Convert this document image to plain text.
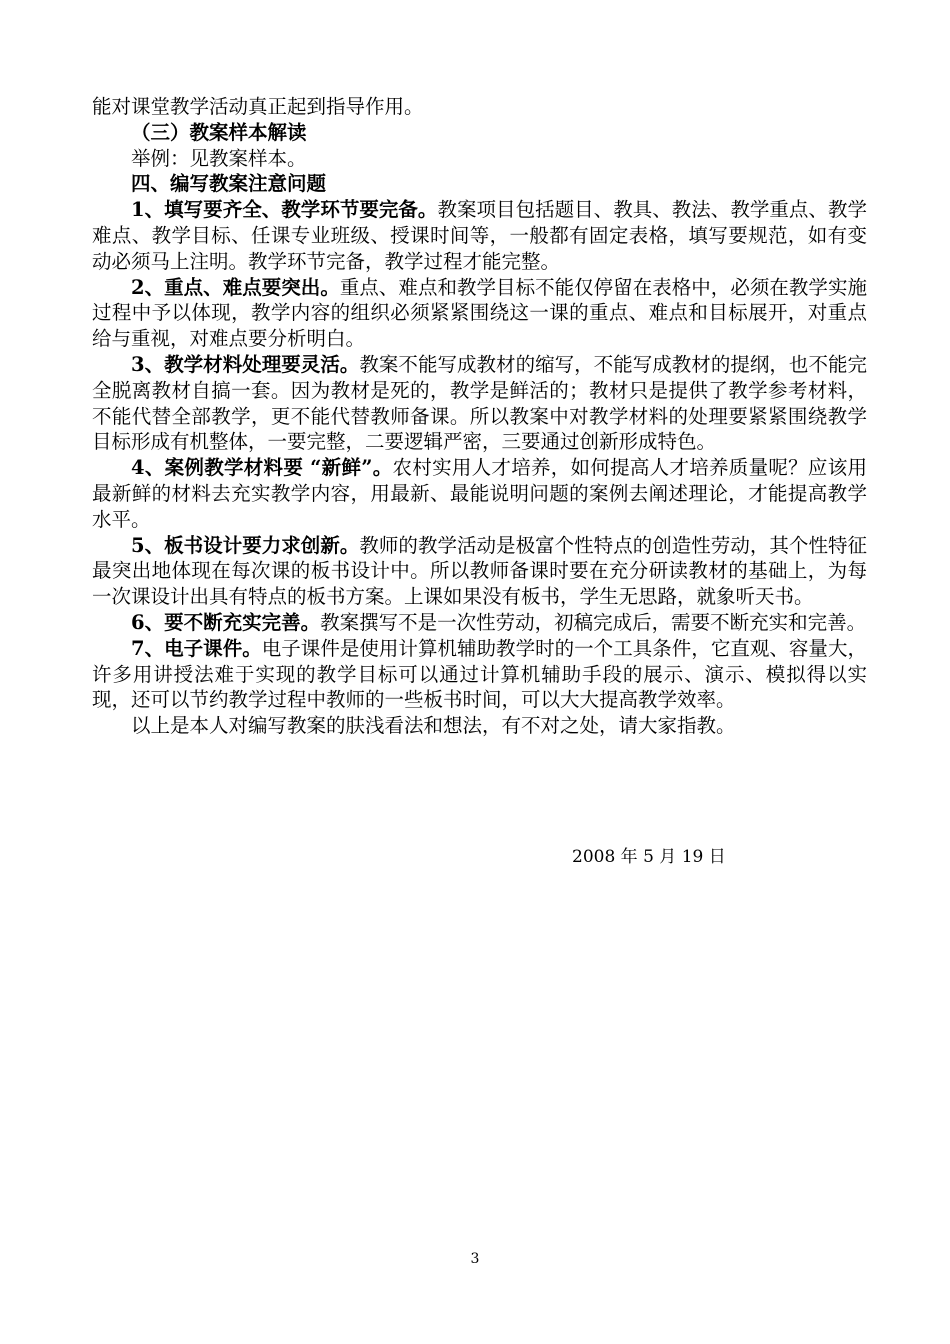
能对课堂教学活动真正起到指导作用。

（三）教案样本解读

举例：见教案样本。

四、编写教案注意问题

1、填写要齐全、教学环节要完备。教案项目包括题目、教具、教法、教学重点、教学难点、教学目标、任课专业班级、授课时间等，一般都有固定表格，填写要规范，如有变动必须马上注明。教学环节完备，教学过程才能完整。

2、重点、难点要突出。重点、难点和教学目标不能仅停留在表格中，必须在教学实施过程中予以体现，教学内容的组织必须紧紧围绕这一课的重点、难点和目标展开，对重点给与重视，对难点要分析明白。

3、教学材料处理要灵活。教案不能写成教材的缩写，不能写成教材的提纲，也不能完全脱离教材自搞一套。因为教材是死的，教学是鲜活的；教材只是提供了教学参考材料，不能代替全部教学，更不能代替教师备课。所以教案中对教学材料的处理要紧紧围绕教学目标形成有机整体，一要完整，二要逻辑严密，三要通过创新形成特色。

4、案例教学材料要 “新鲜”。农村实用人才培养，如何提高人才培养质量呢？应该用最新鲜的材料去充实教学内容，用最新、最能说明问题的案例去阐述理论，才能提高教学水平。

5、板书设计要力求创新。教师的教学活动是极富个性特点的创造性劳动，其个性特征最突出地体现在每次课的板书设计中。所以教师备课时要在充分研读教材的基础上，为每一次课设计出具有特点的板书方案。上课如果没有板书，学生无思路，就象听天书。

6、要不断充实完善。教案撰写不是一次性劳动，初稿完成后，需要不断充实和完善。

7、电子课件。电子课件是使用计算机辅助教学时的一个工具条件，它直观、容量大，许多用讲授法难于实现的教学目标可以通过计算机辅助手段的展示、演示、模拟得以实现，还可以节约教学过程中教师的一些板书时间，可以大大提高教学效率。

以上是本人对编写教案的肤浅看法和想法，有不对之处，请大家指教。

2008 年 5 月 19 日
3
